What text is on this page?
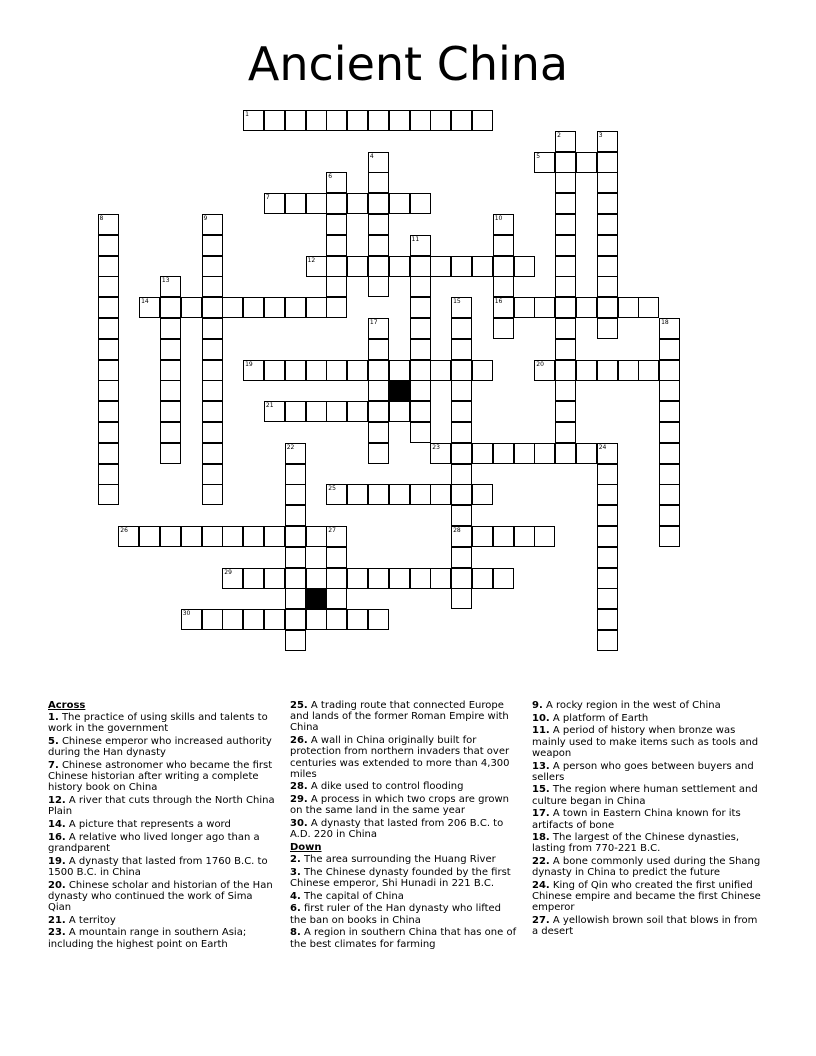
Ancient China
1
5
7
12
14	16
19	20
21
23	24
25
26	28
29
30
2	3
4
6
8	9	10
11
13
15
17	18
22
27
Across
1. The practice of using skills and talents to work in the government
5. Chinese emperor who increased authority during the Han dynasty
7. Chinese astronomer who became the first Chinese historian after writing a complete history book on China
12. A river that cuts through the North China Plain
14. A picture that represents a word
16. A relative who lived longer ago than a grandparent
19. A dynasty that lasted from 1760 B.C. to 1500 B.C. in China
20. Chinese scholar and historian of the Han dynasty who continued the work of Sima Qian
21. A territoy
23. A mountain range in southern Asia; including the highest point on Earth
25. A trading route that connected Europe and lands of the former Roman Empire with China
26. A wall in China originally built for protection from northern invaders that over centuries was extended to more than 4,300 miles
28. A dike used to control flooding
29. A process in which two crops are grown on the same land in the same year
30. A dynasty that lasted from 206 B.C. to A.D. 220 in China
Down
2. The area surrounding the Huang River
3. The Chinese dynasty founded by the first Chinese emperor, Shi Hunadi in 221 B.C.
4. The capital of China
6. first ruler of the Han dynasty who lifted the ban on books in China
8. A region in southern China that has one of the best climates for farming
9. A rocky region in the west of China
10. A platform of Earth
11. A period of history when bronze was mainly used to make items such as tools and weapon
13. A person who goes between buyers and sellers
15. The region where human settlement and culture began in China
17. A town in Eastern China known for its artifacts of bone
18. The largest of the Chinese dynasties, lasting from 770-221 B.C.
22. A bone commonly used during the Shang dynasty in China to predict the future
24. King of Qin who created the first unified Chinese empire and became the first Chinese emperor
27. A yellowish brown soil that blows in from a desert
